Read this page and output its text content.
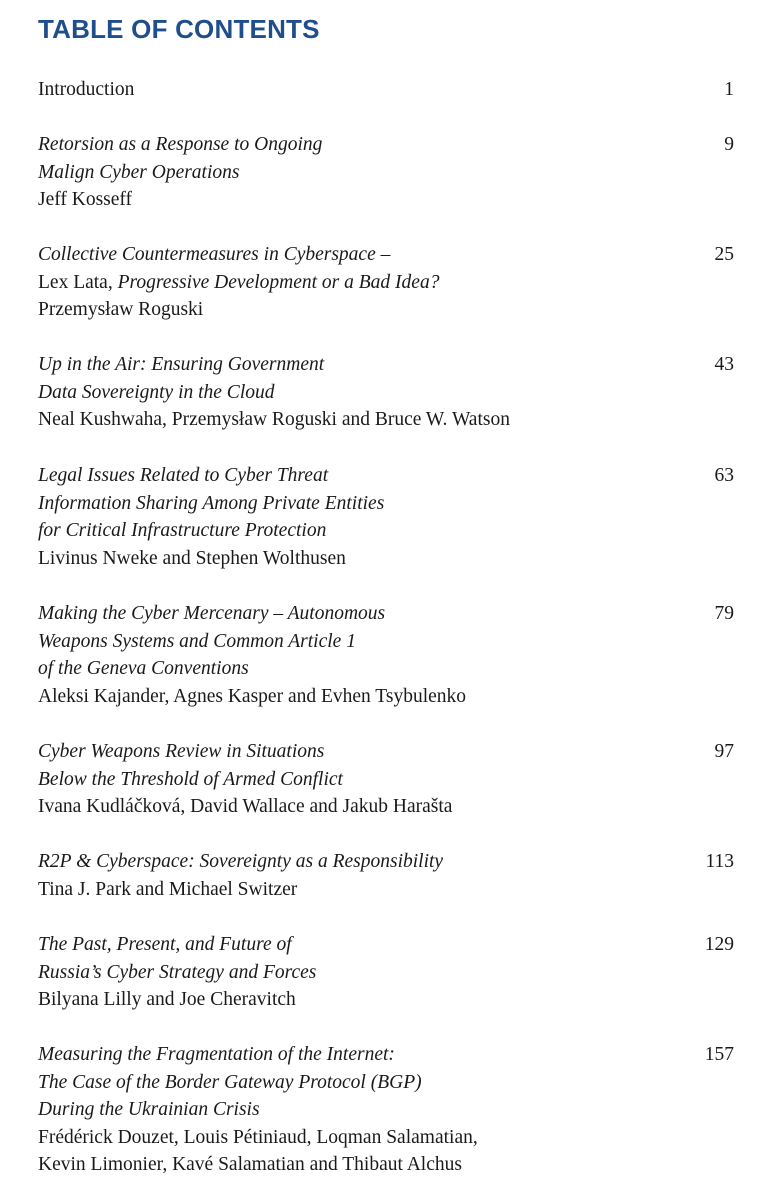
TABLE OF CONTENTS
Introduction	1
Retorsion as a Response to Ongoing
Malign Cyber Operations
Jeff Kosseff
9
Collective Countermeasures in Cyberspace –
Lex Lata, Progressive Development or a Bad Idea?
Przemysław Roguski
25
Up in the Air: Ensuring Government
Data Sovereignty in the Cloud
Neal Kushwaha, Przemysław Roguski and Bruce W. Watson
43
Legal Issues Related to Cyber Threat
Information Sharing Among Private Entities
for Critical Infrastructure Protection
Livinus Nweke and Stephen Wolthusen
63
Making the Cyber Mercenary – Autonomous
Weapons Systems and Common Article 1
of the Geneva Conventions
Aleksi Kajander, Agnes Kasper and Evhen Tsybulenko
79
Cyber Weapons Review in Situations
Below the Threshold of Armed Conflict
Ivana Kudláčková, David Wallace and Jakub Harašta
97
R2P & Cyberspace: Sovereignty as a Responsibility
Tina J. Park and Michael Switzer
113
The Past, Present, and Future of
Russia’s Cyber Strategy and Forces
Bilyana Lilly and Joe Cheravitch
129
Measuring the Fragmentation of the Internet:
The Case of the Border Gateway Protocol (BGP)
During the Ukrainian Crisis
Frédérick Douzet, Louis Pétiniaud, Loqman Salamatian,
Kevin Limonier, Kavé Salamatian and Thibaut Alchus
157
